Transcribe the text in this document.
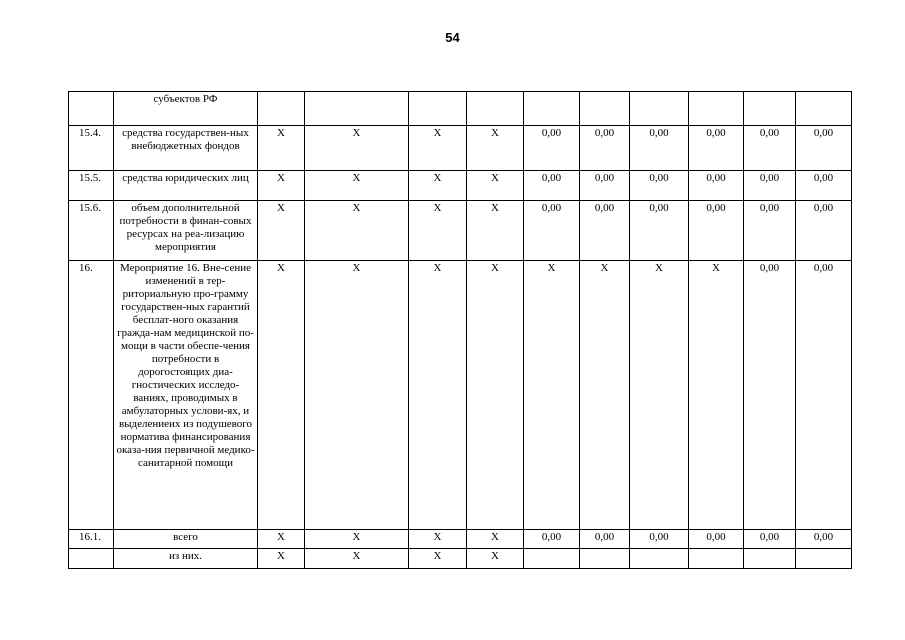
54
	субъектов РФ										
15.4.	средства государствен-ных внебюджетных фондов	X	X	X	X	0,00	0,00	0,00	0,00	0,00	0,00
15.5.	средства юридических лиц	X	X	X	X	0,00	0,00	0,00	0,00	0,00	0,00
15.6.	объем дополнительной потребности в финан-совых ресурсах на реа-лизацию мероприятия	X	X	X	X	0,00	0,00	0,00	0,00	0,00	0,00
16.	Мероприятие 16. Вне-сение изменений в тер-риториальную про-грамму государствен-ных гарантий бесплат-ного оказания гражда-нам медицинской по-мощи в части обеспе-чения потребности в дорогостоящих диа-гностических исследо-ваниях, проводимых в амбулаторных услови-ях, и выделениеих из подушевого норматива финансирования оказа-ния первичной медико-санитарной помощи	X	X	X	X	X	X	X	X	0,00	0,00
16.1.	всего	X	X	X	X	0,00	0,00	0,00	0,00	0,00	0,00
	из них.	X	X	X	X						
